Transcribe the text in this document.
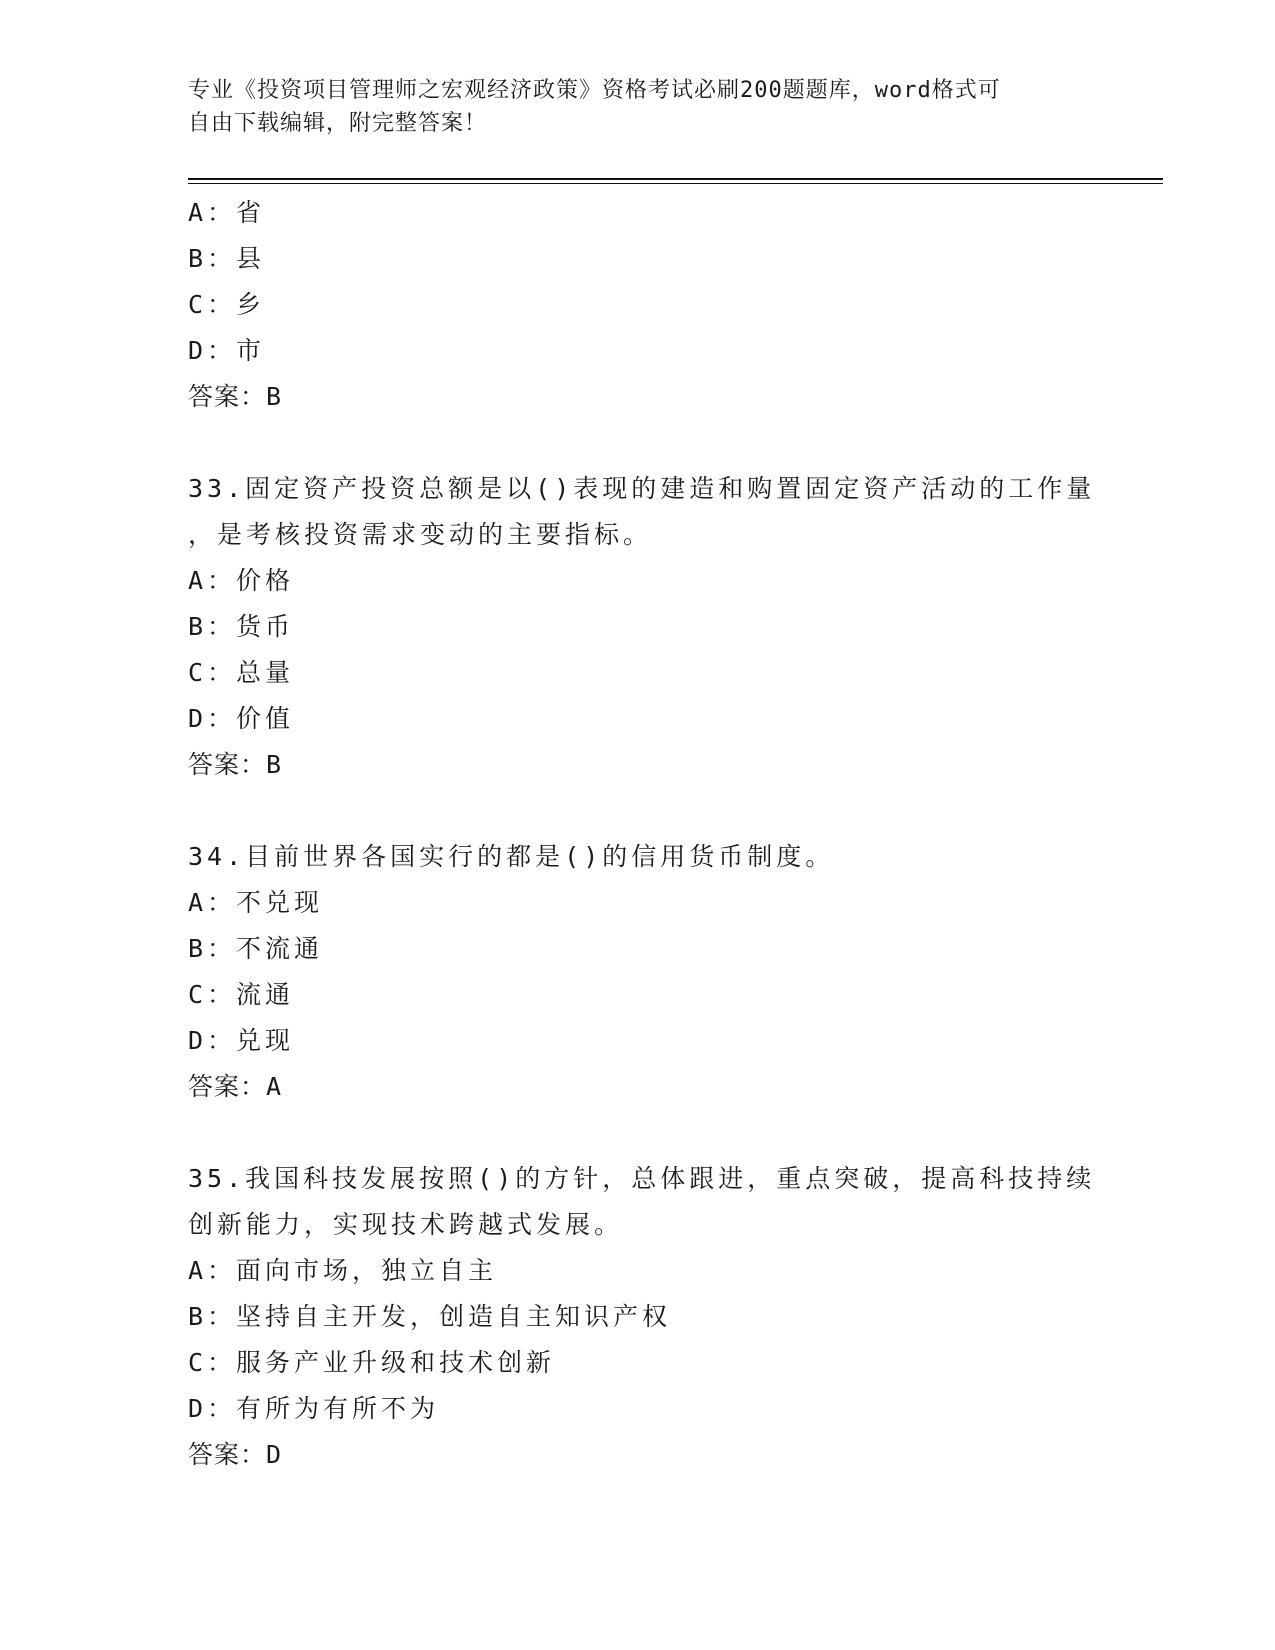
专业《投资项目管理师之宏观经济政策》资格考试必刷200题题库，word格式可
自由下载编辑，附完整答案！
A：省
B：县
C：乡
D：市
答案：B
33.固定资产投资总额是以()表现的建造和购置固定资产活动的工作量
，是考核投资需求变动的主要指标。
A：价格
B：货币
C：总量
D：价值
答案：B
34.目前世界各国实行的都是()的信用货币制度。
A：不兑现
B：不流通
C：流通
D：兑现
答案：A
35.我国科技发展按照()的方针，总体跟进，重点突破，提高科技持续
创新能力，实现技术跨越式发展。
A：面向市场，独立自主
B：坚持自主开发，创造自主知识产权
C：服务产业升级和技术创新
D：有所为有所不为
答案：D
